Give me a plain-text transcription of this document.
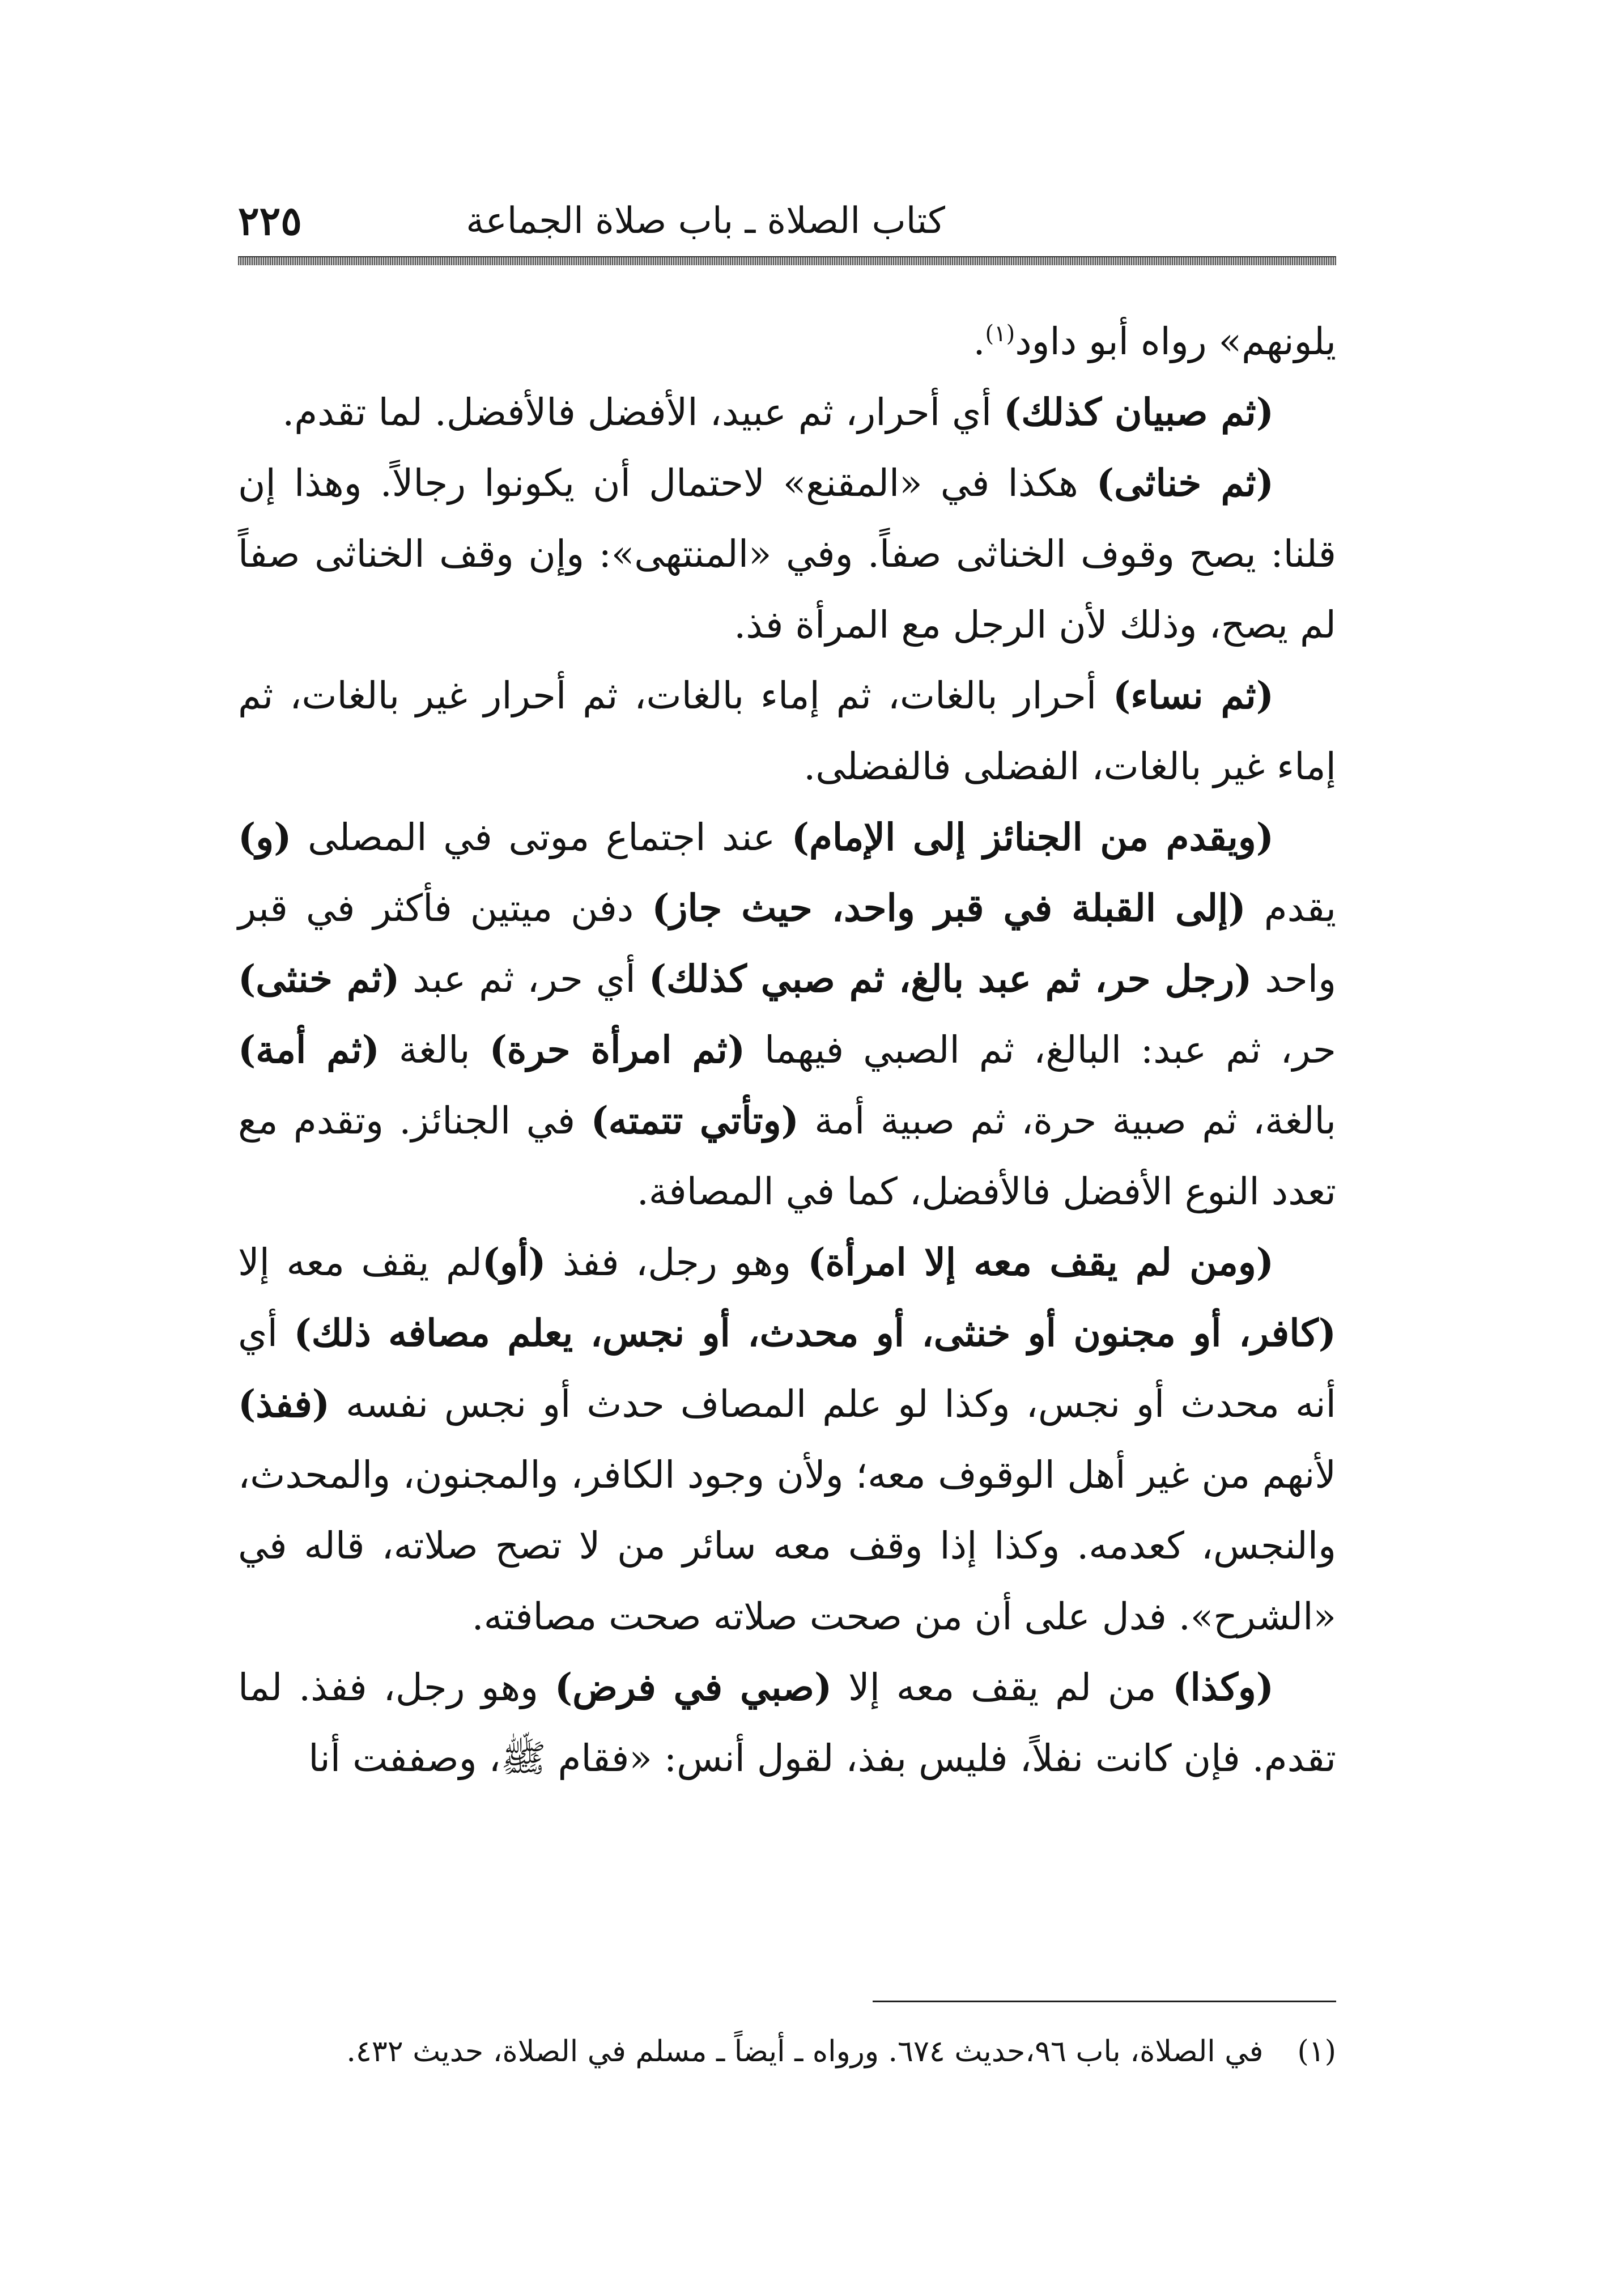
كتاب الصلاة ـ باب صلاة الجماعة
٢٢٥

يلونهم» رواه أبو داود$^{(١)}$.

(ثم صبيان كذلك) أي أحرار، ثم عبيد، الأفضل فالأفضل. لما تقدم.

(ثم خناثى) هكذا في «المقنع» لاحتمال أن يكونوا رجالاً. وهذا إن قلنا: يصح وقوف الخناثى صفاً. وفي «المنتهى»: وإن وقف الخناثى صفاً لم يصح، وذلك لأن الرجل مع المرأة فذ.

(ثم نساء) أحرار بالغات، ثم إماء بالغات، ثم أحرار غير بالغات، ثم إماء غير بالغات، الفضلى فالفضلى.

(ويقدم من الجنائز إلى الإمام) عند اجتماع موتى في المصلى (و) يقدم (إلى القبلة في قبر واحد، حيث جاز) دفن ميتين فأكثر في قبر واحد (رجل حر، ثم عبد بالغ، ثم صبي كذلك) أي حر، ثم عبد (ثم خنثى) حر، ثم عبد: البالغ، ثم الصبي فيهما (ثم امرأة حرة) بالغة (ثم أمة) بالغة، ثم صبية حرة، ثم صبية أمة (وتأتي تتمته) في الجنائز. وتقدم مع تعدد النوع الأفضل فالأفضل، كما في المصافة.

(ومن لم يقف معه إلا امرأة) وهو رجل، ففذ (أو)لم يقف معه إلا (كافر، أو مجنون أو خنثى، أو محدث، أو نجس، يعلم مصافه ذلك) أي أنه محدث أو نجس، وكذا لو علم المصاف حدث أو نجس نفسه (ففذ) لأنهم من غير أهل الوقوف معه؛ ولأن وجود الكافر، والمجنون، والمحدث، والنجس، كعدمه. وكذا إذا وقف معه سائر من لا تصح صلاته، قاله في «الشرح». فدل على أن من صحت صلاته صحت مصافته.

(وكذا) من لم يقف معه إلا (صبي في فرض) وهو رجل، ففذ. لما تقدم. فإن كانت نفلاً، فليس بفذ، لقول أنس: «فقام ﷺ، وصففت أنا

(١)في الصلاة، باب ٩٦،حديث ٦٧٤. ورواه ـ أيضاً ـ مسلم في الصلاة، حديث ٤٣٢.
